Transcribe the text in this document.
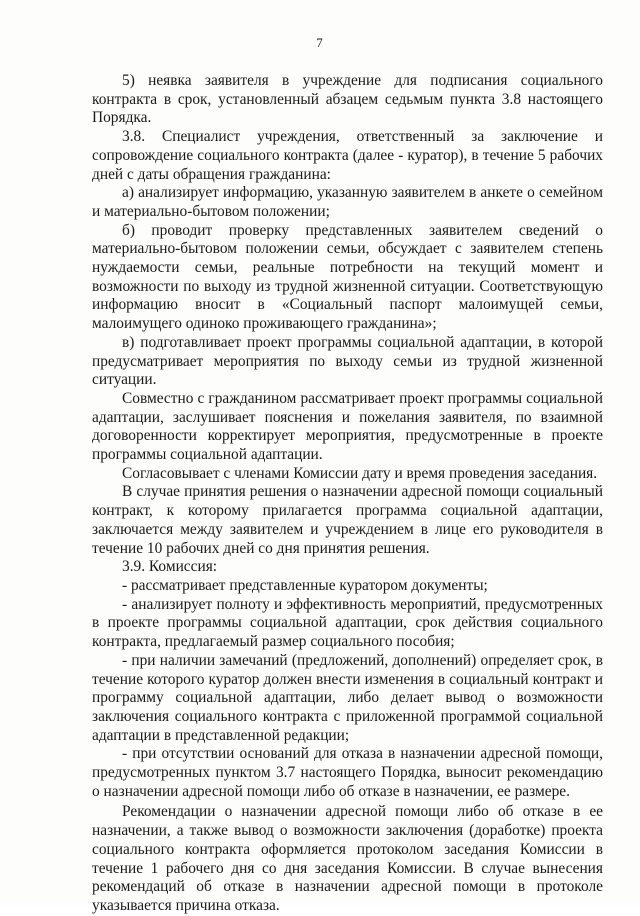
7

5) неявка заявителя в учреждение для подписания социального контракта в срок, установленный абзацем седьмым пункта 3.8 настоящего Порядка.

3.8. Специалист учреждения, ответственный за заключение и сопровождение социального контракта (далее - куратор), в течение 5 рабочих дней с даты обращения гражданина:

а) анализирует информацию, указанную заявителем в анкете о семейном и материально-бытовом положении;

б) проводит проверку представленных заявителем сведений о материально-бытовом положении семьи, обсуждает с заявителем степень нуждаемости семьи, реальные потребности на текущий момент и возможности по выходу из трудной жизненной ситуации. Соответствующую информацию вносит в «Социальный паспорт малоимущей семьи, малоимущего одиноко проживающего гражданина»;

в) подготавливает проект программы социальной адаптации, в которой предусматривает мероприятия по выходу семьи из трудной жизненной ситуации.

Совместно с гражданином рассматривает проект программы социальной адаптации, заслушивает пояснения и пожелания заявителя, по взаимной договоренности корректирует мероприятия, предусмотренные в проекте программы социальной адаптации.

Согласовывает с членами Комиссии дату и время проведения заседания.

В случае принятия решения о назначении адресной помощи социальный контракт, к которому прилагается программа социальной адаптации, заключается между заявителем и учреждением в лице его руководителя в течение 10 рабочих дней со дня принятия решения.

3.9. Комиссия:

- рассматривает представленные куратором документы;

- анализирует полноту и эффективность мероприятий, предусмотренных в проекте программы социальной адаптации, срок действия социального контракта, предлагаемый размер социального пособия;

- при наличии замечаний (предложений, дополнений) определяет срок, в течение которого куратор должен внести изменения в социальный контракт и программу социальной адаптации, либо делает вывод о возможности заключения социального контракта с приложенной программой социальной адаптации в представленной редакции;

- при отсутствии оснований для отказа в назначении адресной помощи, предусмотренных пунктом 3.7 настоящего Порядка, выносит рекомендацию о назначении адресной помощи либо об отказе в назначении, ее размере.

Рекомендации о назначении адресной помощи либо об отказе в ее назначении, а также вывод о возможности заключения (доработке) проекта социального контракта оформляется протоколом заседания Комиссии в течение 1 рабочего дня со дня заседания Комиссии. В случае вынесения рекомендаций об отказе в назначении адресной помощи в протоколе указывается причина отказа.
